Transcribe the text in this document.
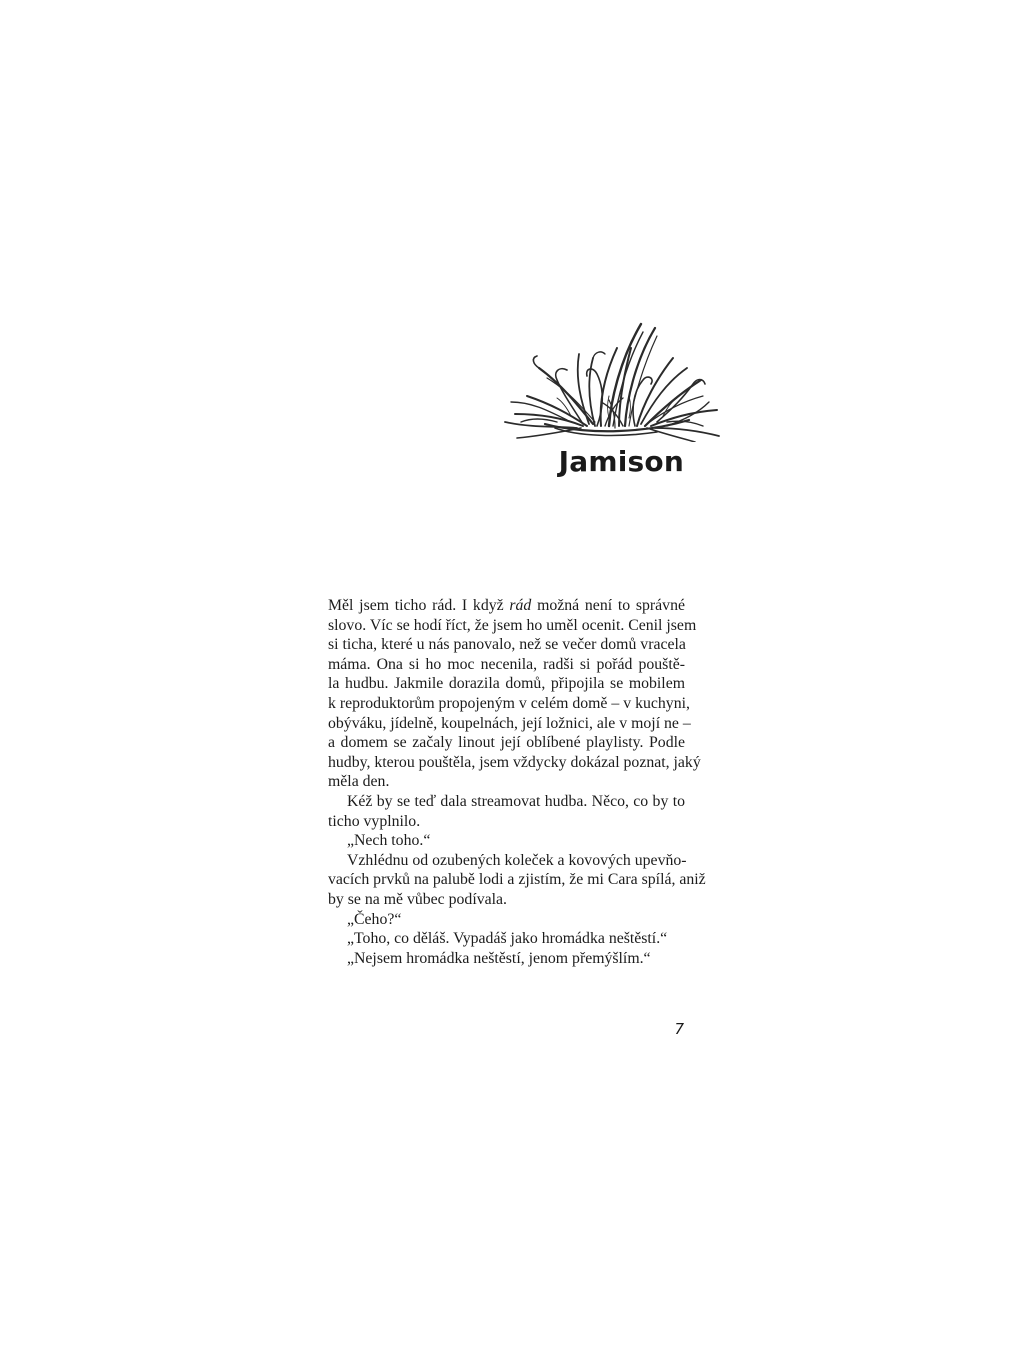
Jamison

Měl jsem ticho rád. I když rád možná není to správné
slovo. Víc se hodí říct, že jsem ho uměl ocenit. Cenil jsem
si ticha, které u nás panovalo, než se večer domů vracela
máma. Ona si ho moc necenila, radši si pořád pouště-
la hudbu. Jakmile dorazila domů, připojila se mobilem
k reproduktorům propojeným v celém domě – v kuchyni,
obýváku, jídelně, koupelnách, její ložnici, ale v mojí ne –
a domem se začaly linout její oblíbené playlisty. Podle
hudby, kterou pouštěla, jsem vždycky dokázal poznat, jaký
měla den.

Kéž by se teď dala streamovat hudba. Něco, co by to
ticho vyplnilo.

„Nech toho.“

Vzhlédnu od ozubených koleček a kovových upevňo-
vacích prvků na palubě lodi a zjistím, že mi Cara spílá, aniž
by se na mě vůbec podívala.

„Čeho?“

„Toho, co děláš. Vypadáš jako hromádka neštěstí.“

„Nejsem hromádka neštěstí, jenom přemýšlím.“

7
